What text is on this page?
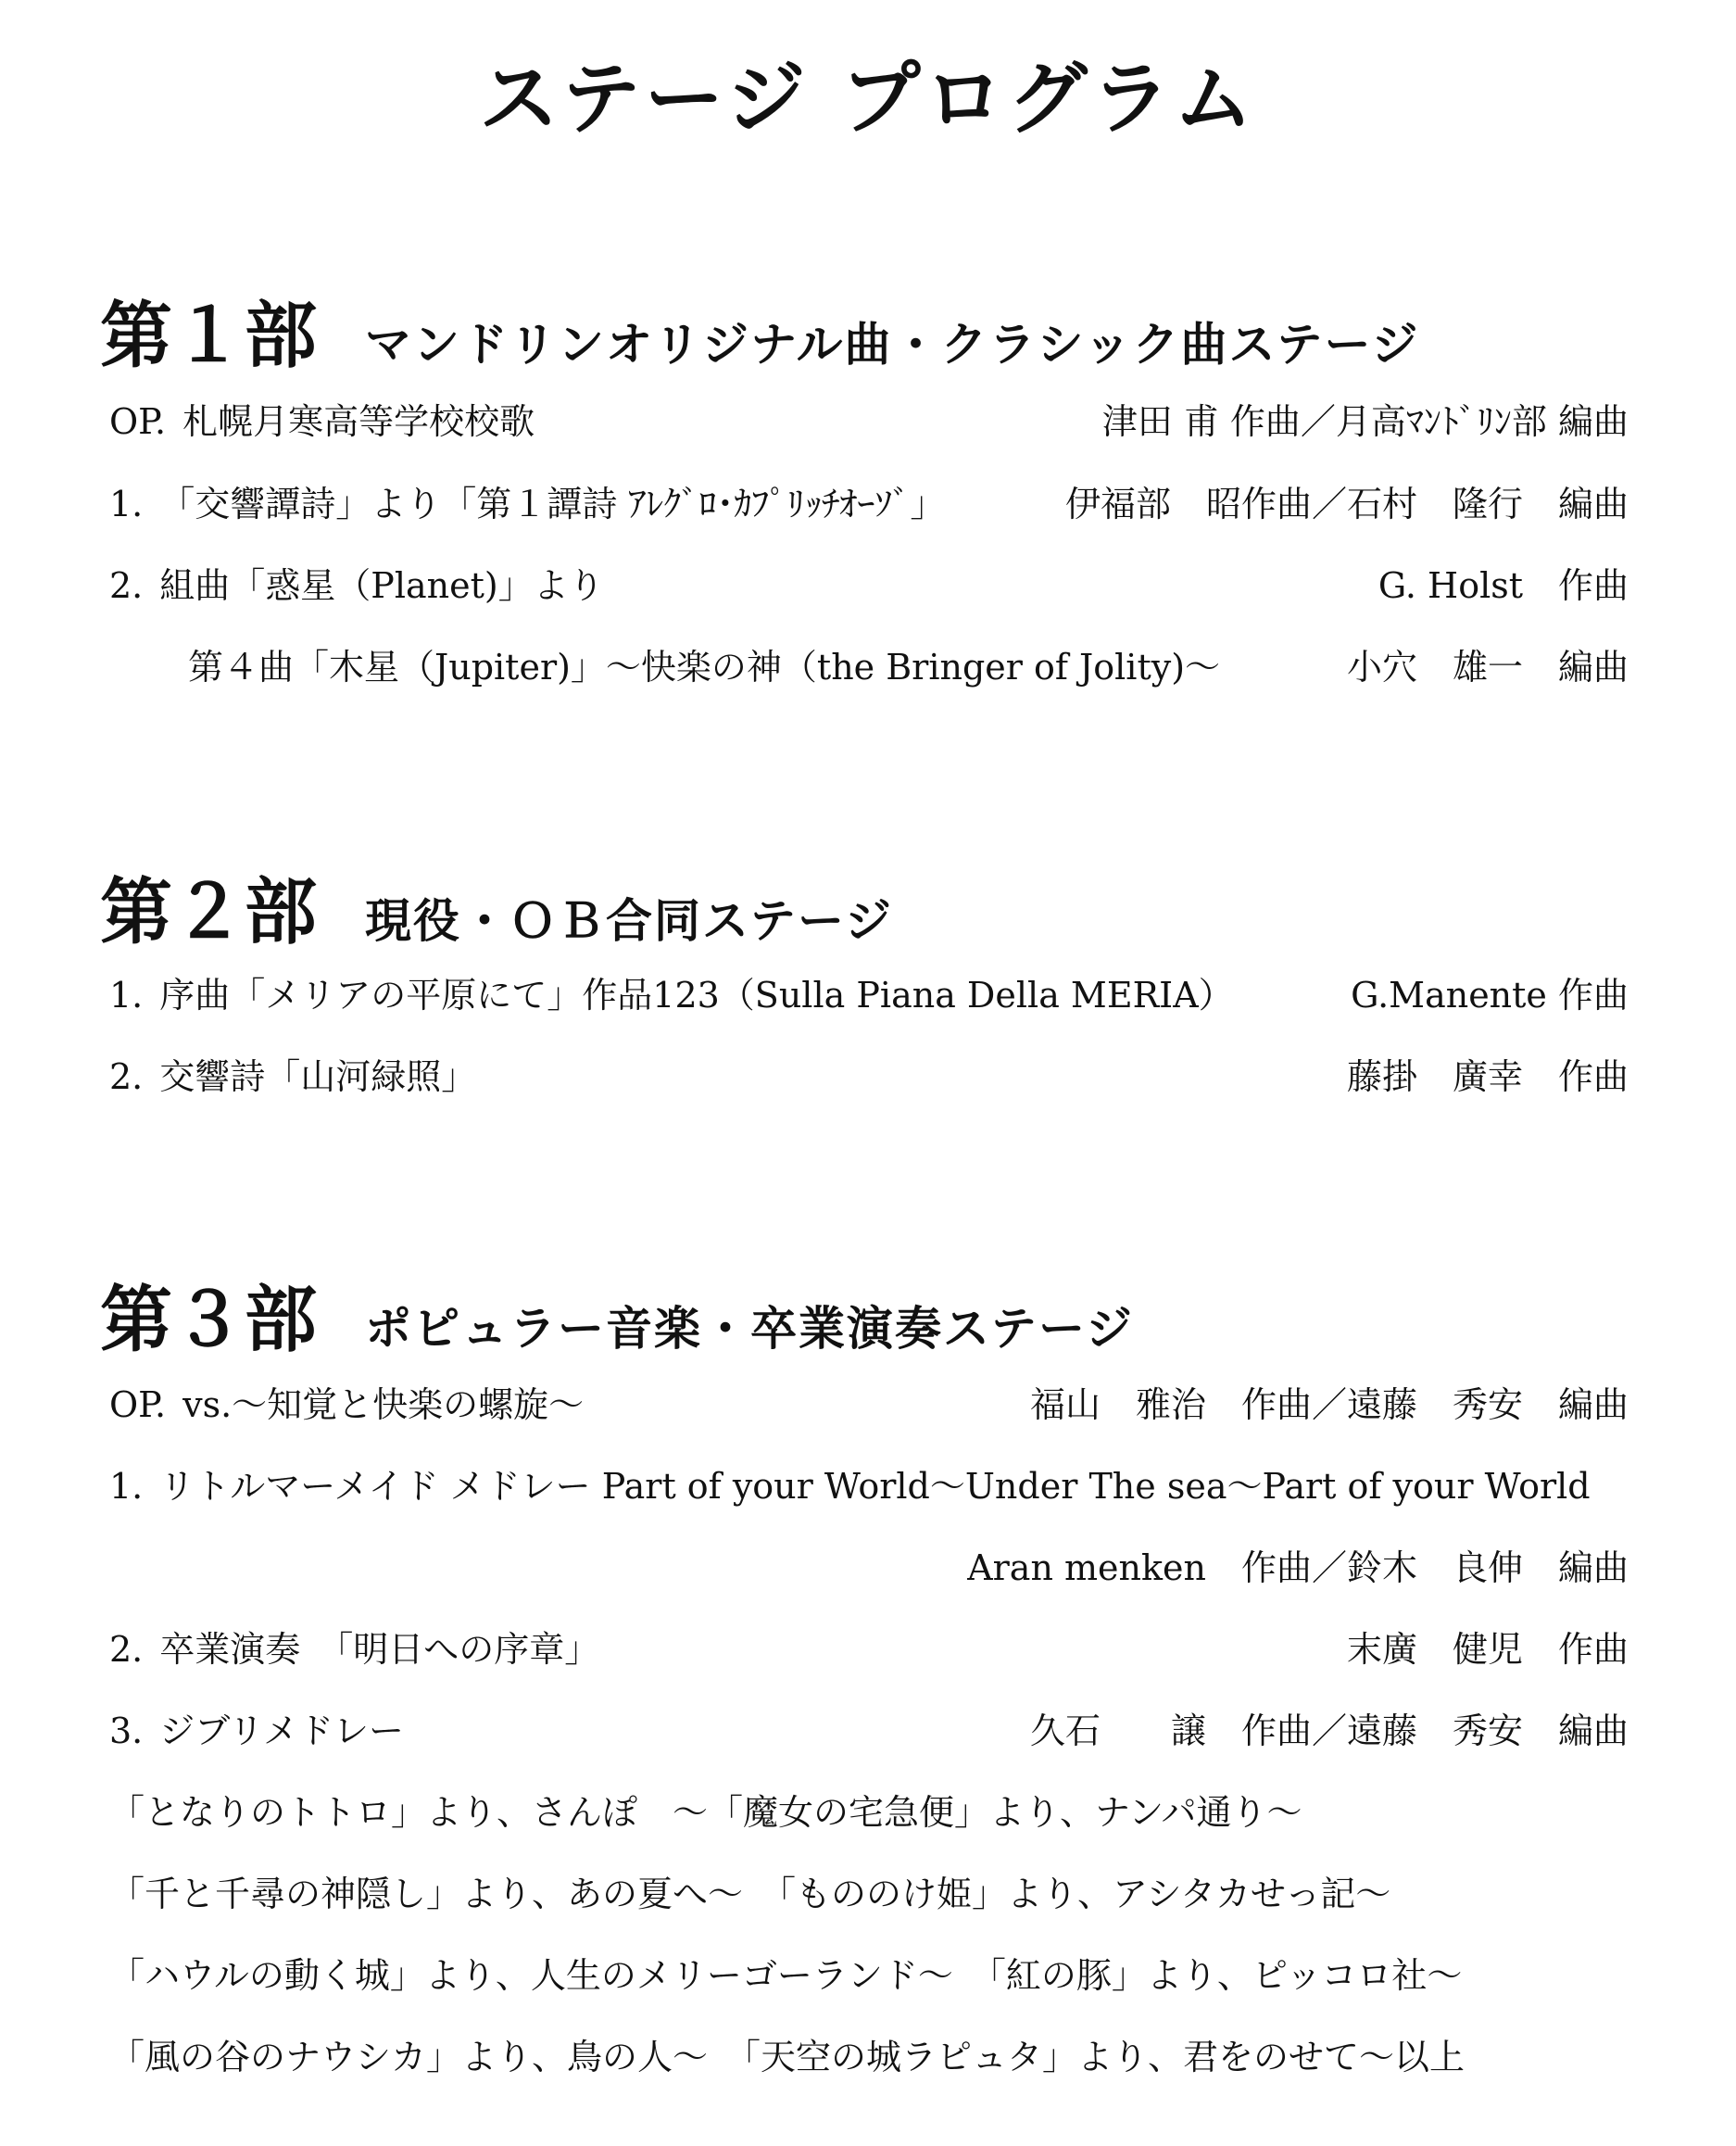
ステージ プログラム
第１部 マンドリンオリジナル曲・クラシック曲ステージ
OP. 札幌月寒高等学校校歌	津田 甫 作曲／月高ﾏﾝﾄﾞﾘﾝ部 編曲
1. 「交響譚詩」より「第１譚詩 ｱﾚｸﾞﾛ･ｶﾌﾟﾘｯﾁｵｰｿﾞ」	伊福部　昭作曲／石村　隆行　編曲
2. 組曲「惑星（Planet)」より	G. Holst　作曲
第４曲「木星（Jupiter)」～快楽の神（the Bringer of Jolity)～	小穴　雄一　編曲
第２部 現役・ＯＢ合同ステージ
1. 序曲「メリアの平原にて」作品123（Sulla Piana Della MERIA）	G.Manente 作曲
2. 交響詩「山河緑照」	藤掛　廣幸　作曲
第３部 ポピュラー音楽・卒業演奏ステージ
OP. vs.～知覚と快楽の螺旋～	福山　雅治　作曲／遠藤　秀安　編曲
1. リトルマーメイド メドレー Part of your World～Under The sea～Part of your World
Aran menken　作曲／鈴木　良伸　編曲
2. 卒業演奏　「明日への序章」	末廣　健児　作曲
3. ジブリメドレー	久石　　譲　作曲／遠藤　秀安　編曲
「となりのトトロ」より、さんぽ　～「魔女の宅急便」より、ナンパ通り～
「千と千尋の神隠し」より、あの夏へ～　「もののけ姫」より、アシタカせっ記～
「ハウルの動く城」より、人生のメリーゴーランド～　「紅の豚」より、ピッコロ社～
「風の谷のナウシカ」より、鳥の人～　「天空の城ラピュタ」より、君をのせて～以上
